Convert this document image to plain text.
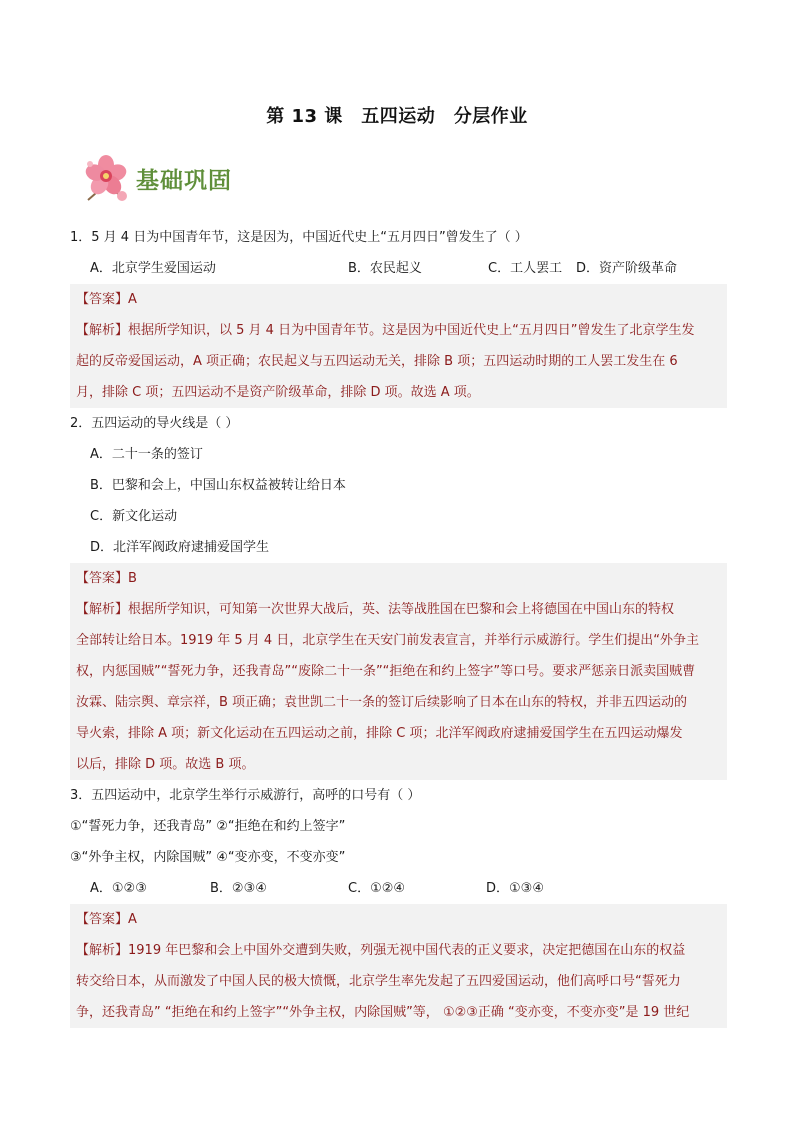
第 13 课　五四运动　分层作业
基础巩固
1．5 月 4 日为中国青年节，这是因为，中国近代史上“五月四日”曾发生了（ ）
A．北京学生爱国运动	B．农民起义	C．工人罢工	D．资产阶级革命
【答案】A
【解析】根据所学知识，以 5 月 4 日为中国青年节。这是因为中国近代史上“五月四日”曾发生了北京学生发
起的反帝爱国运动，A 项正确；农民起义与五四运动无关，排除 B 项；五四运动时期的工人罢工发生在 6
月，排除 C 项；五四运动不是资产阶级革命，排除 D 项。故选 A 项。
2．五四运动的导火线是（ ）
A．二十一条的签订
B．巴黎和会上，中国山东权益被转让给日本
C．新文化运动
D．北洋军阀政府逮捕爱国学生
【答案】B
【解析】根据所学知识，可知第一次世界大战后，英、法等战胜国在巴黎和会上将德国在中国山东的特权
全部转让给日本。1919 年 5 月 4 日，北京学生在天安门前发表宣言，并举行示威游行。学生们提出“外争主
权，内惩国贼”“誓死力争，还我青岛”“废除二十一条”“拒绝在和约上签字”等口号。要求严惩亲日派卖国贼曹
汝霖、陆宗舆、章宗祥，B 项正确；袁世凯二十一条的签订后续影响了日本在山东的特权，并非五四运动的
导火索，排除 A 项；新文化运动在五四运动之前，排除 C 项；北洋军阀政府逮捕爱国学生在五四运动爆发
以后，排除 D 项。故选 B 项。
3．五四运动中，北京学生举行示威游行，高呼的口号有（ ）
①“誓死力争，还我青岛” ②“拒绝在和约上签字”
③“外争主权，内除国贼” ④“变亦变，不变亦变”
A．①②③	B．②③④	C．①②④	D．①③④
【答案】A
【解析】1919 年巴黎和会上中国外交遭到失败，列强无视中国代表的正义要求，决定把德国在山东的权益
转交给日本，从而激发了中国人民的极大愤慨，北京学生率先发起了五四爱国运动，他们高呼口号“誓死力
争，还我青岛” “拒绝在和约上签字”“外争主权，内除国贼”等， ①②③正确 “变亦变，不变亦变”是 19 世纪
